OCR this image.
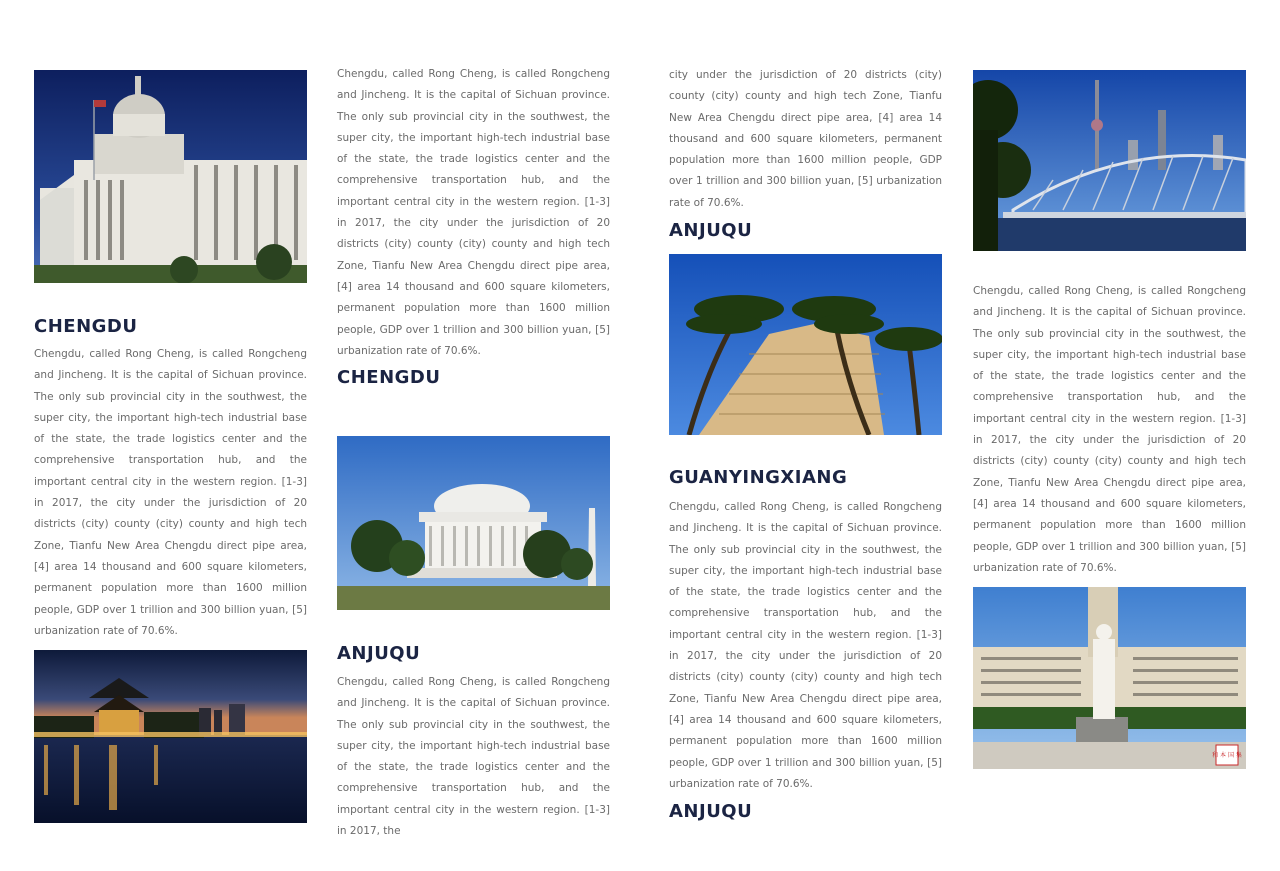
CHENGDU

Chengdu, called Rong Cheng, is called Rongcheng and Jincheng. It is the capital of Sichuan province. The only sub provincial city in the southwest, the super city, the important high-tech industrial base of the state, the trade logistics center and the comprehensive transportation hub, and the important central city in the western region. [1-3] in 2017, the city under the jurisdiction of 20 districts (city) county (city) county and high tech Zone, Tianfu New Area Chengdu direct pipe area, [4] area 14 thousand and 600 square kilometers, permanent population more than 1600 million people, GDP over 1 trillion and 300 billion yuan, [5] urbanization rate of 70.6%.

Chengdu, called Rong Cheng, is called Rongcheng and Jincheng. It is the capital of Sichuan province. The only sub provincial city in the southwest, the super city, the important high-tech industrial base of the state, the trade logistics center and the comprehensive transportation hub, and the important central city in the western region. [1-3] in 2017, the city under the jurisdiction of 20 districts (city) county (city) county and high tech Zone, Tianfu New Area Chengdu direct pipe area, [4] area 14 thousand and 600 square kilometers, permanent population more than 1600 million people, GDP over 1 trillion and 300 billion yuan, [5] urbanization rate of 70.6%.

CHENGDU
ANJUQU

Chengdu, called Rong Cheng, is called Rongcheng and Jincheng. It is the capital of Sichuan province. The only sub provincial city in the southwest, the super city, the important high-tech industrial base of the state, the trade logistics center and the comprehensive transportation hub, and the important central city in the western region. [1-3] in 2017, the

city under the jurisdiction of 20 districts (city) county (city) county and high tech Zone, Tianfu New Area Chengdu direct pipe area, [4] area 14 thousand and 600 square kilometers, permanent population more than 1600 million people, GDP over 1 trillion and 300 billion yuan, [5] urbanization rate of 70.6%.

ANJUQU
GUANYINGXIANG

Chengdu, called Rong Cheng, is called Rongcheng and Jincheng. It is the capital of Sichuan province. The only sub provincial city in the southwest, the super city, the important high-tech industrial base of the state, the trade logistics center and the comprehensive transportation hub, and the important central city in the western region. [1-3] in 2017, the city under the jurisdiction of 20 districts (city) county (city) county and high tech Zone, Tianfu New Area Chengdu direct pipe area, [4] area 14 thousand and 600 square kilometers, permanent population more than 1600 million people, GDP over 1 trillion and 300 billion yuan, [5] urbanization rate of 70.6%.

ANJUQU

Chengdu, called Rong Cheng, is called Rongcheng and Jincheng. It is the capital of Sichuan province. The only sub provincial city in the southwest, the super city, the important high-tech industrial base of the state, the trade logistics center and the comprehensive transportation hub, and the important central city in the western region. [1-3] in 2017, the city under the jurisdiction of 20 districts (city) county (city) county and high tech Zone, Tianfu New Area Chengdu direct pipe area, [4] area 14 thousand and 600 square kilometers, permanent population more than 1600 million people, GDP over 1 trillion and 300 billion yuan, [5] urbanization rate of 70.6%.

和 本 国 集
